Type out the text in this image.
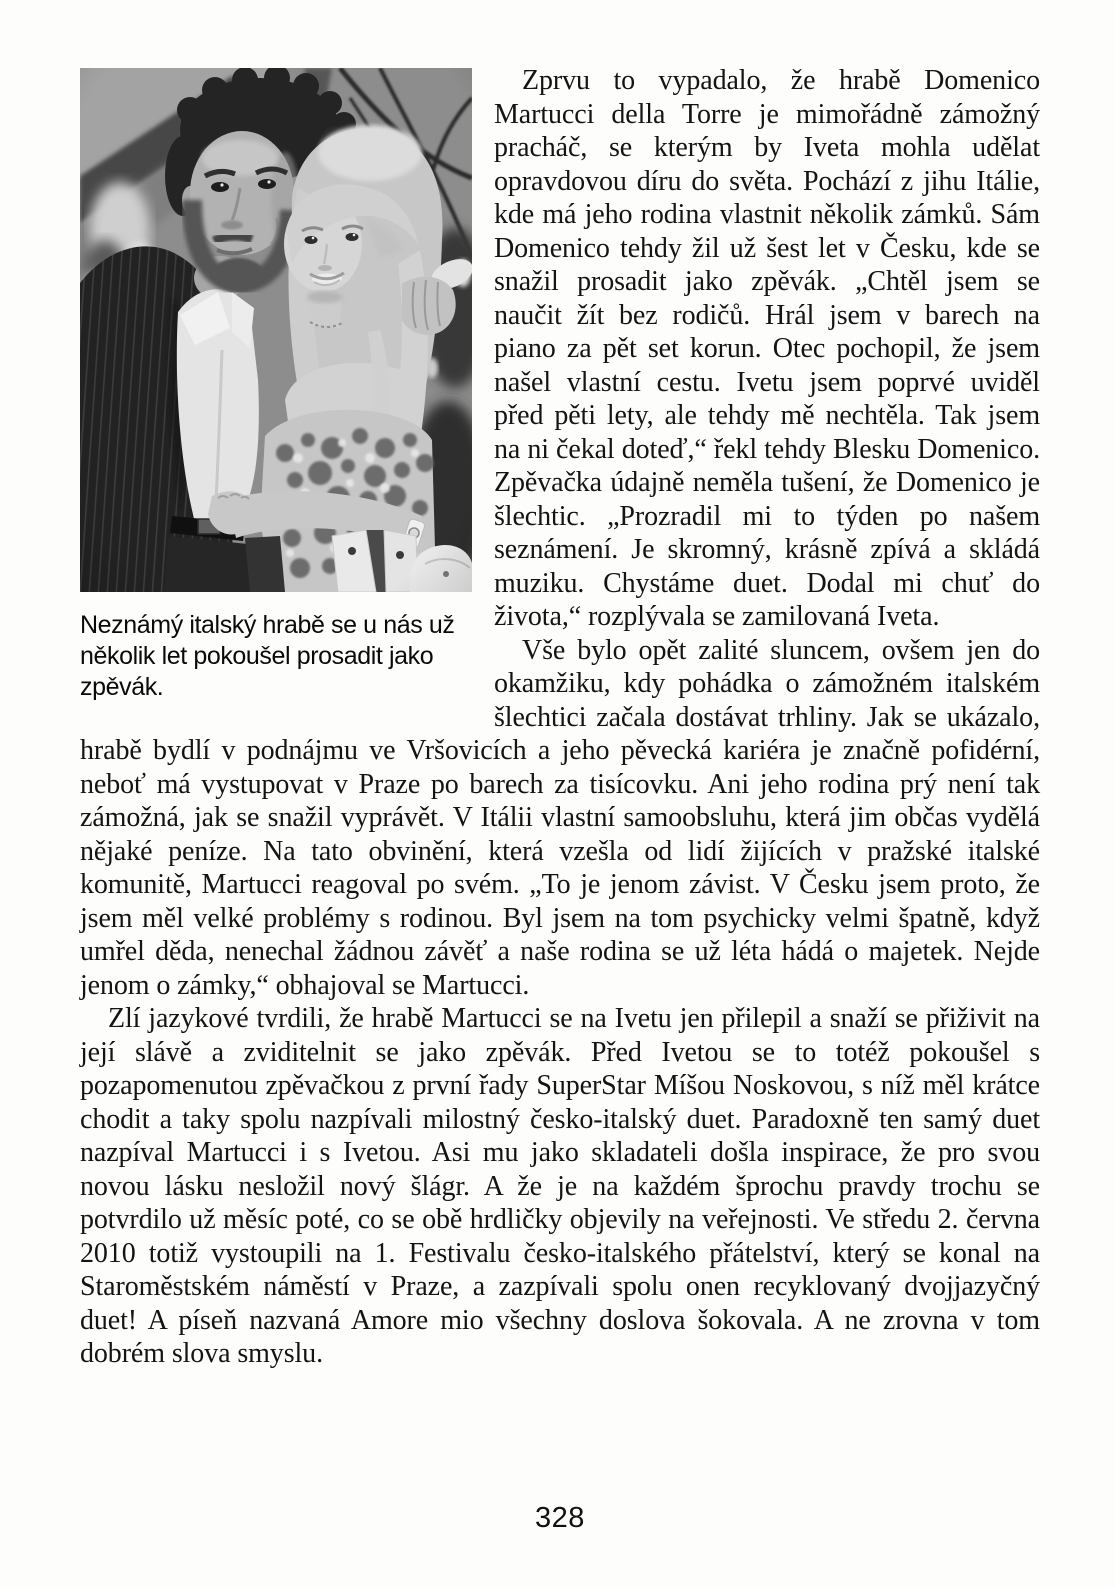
Neznámý italský hrabě se u nás už několik let pokoušel prosadit jako zpěvák.

Zprvu to vypadalo, že hrabě Domenico Martucci della Torre je mimořádně zámožný pracháč, se kterým by Iveta mohla udělat opravdovou díru do světa. Pochází z jihu Itálie, kde má jeho rodina vlastnit několik zámků. Sám Domenico tehdy žil už šest let v Česku, kde se snažil prosadit jako zpěvák. „Chtěl jsem se naučit žít bez rodičů. Hrál jsem v barech na piano za pět set korun. Otec pochopil, že jsem našel vlastní cestu. Ivetu jsem poprvé uviděl před pěti lety, ale tehdy mě nechtěla. Tak jsem na ni čekal doteď,“ řekl tehdy Blesku Domenico. Zpěvačka údajně neměla tušení, že Domenico je šlechtic. „Prozradil mi to týden po našem seznámení. Je skromný, krásně zpívá a skládá muziku. Chystáme duet. Dodal mi chuť do života,“ rozplývala se zamilovaná Iveta.

Vše bylo opět zalité sluncem, ovšem jen do okamžiku, kdy pohádka o zámožném italském šlechtici začala dostávat trhliny. Jak se ukázalo, hrabě bydlí v podnájmu ve Vršovicích a jeho pěvecká kariéra je značně pofidérní, neboť má vystupovat v Praze po barech za tisícovku. Ani jeho rodina prý není tak zámožná, jak se snažil vyprávět. V Itálii vlastní samoobsluhu, která jim občas vydělá nějaké peníze. Na tato obvinění, která vzešla od lidí žijících v pražské italské komunitě, Martucci reagoval po svém. „To je jenom závist. V Česku jsem proto, že jsem měl velké problémy s rodinou. Byl jsem na tom psychicky velmi špatně, když umřel děda, nenechal žádnou závěť a naše rodina se už léta hádá o majetek. Nejde jenom o zámky,“ obhajoval se Martucci.

Zlí jazykové tvrdili, že hrabě Martucci se na Ivetu jen přilepil a snaží se přiživit na její slávě a zviditelnit se jako zpěvák. Před Ivetou se to totéž pokoušel s pozapomenutou zpěvačkou z první řady SuperStar Míšou Noskovou, s níž měl krátce chodit a taky spolu nazpívali milostný česko-italský duet. Paradoxně ten samý duet nazpíval Martucci i s Ivetou. Asi mu jako skladateli došla inspirace, že pro svou novou lásku nesložil nový šlágr. A že je na každém šprochu pravdy trochu se potvrdilo už měsíc poté, co se obě hrdličky objevily na veřejnosti. Ve středu 2. června 2010 totiž vystoupili na 1. Festivalu česko-italského přátelství, který se konal na Staroměstském náměstí v Praze, a zazpívali spolu onen recyklovaný dvojjazyčný duet! A píseň nazvaná Amore mio všechny doslova šokovala. A ne zrovna v tom dobrém slova smyslu.

328
